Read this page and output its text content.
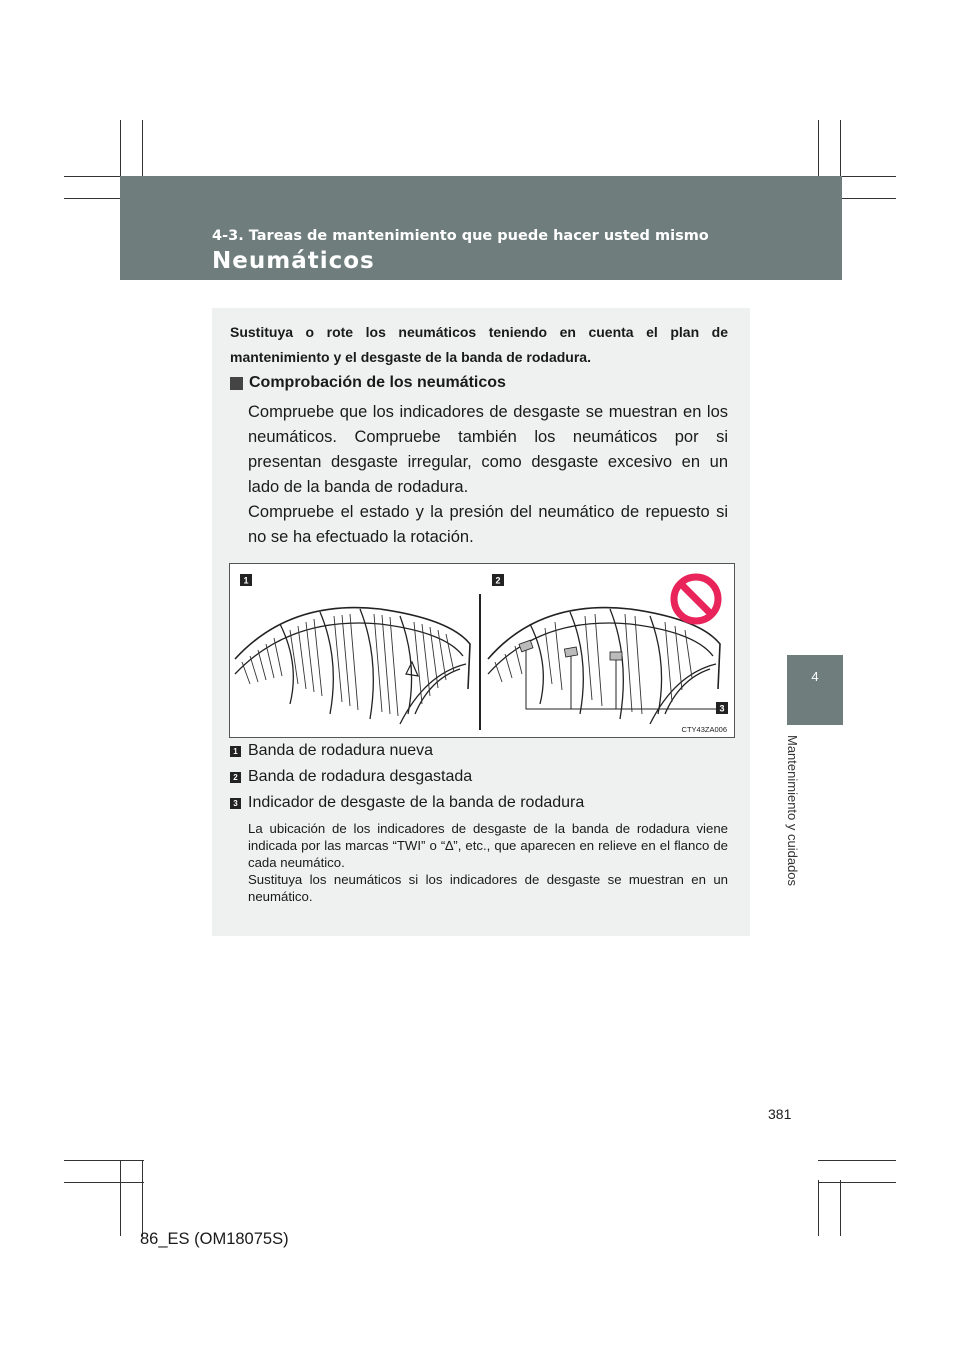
4-3. Tareas de mantenimiento que puede hacer usted mismo
Neumáticos
4
Mantenimiento y cuidados
Sustituya o rote los neumáticos teniendo en cuenta el plan de mantenimiento y el desgaste de la banda de rodadura.
Comprobación de los neumáticos
Compruebe que los indicadores de desgaste se muestran en los neumáticos. Compruebe también los neumáticos por si presentan desgaste irregular, como desgaste excesivo en un lado de la banda de rodadura.
Compruebe el estado y la presión del neumático de repuesto si no se ha efectuado la rotación.
1	2
3
CTY43ZA006
1 Banda de rodadura nueva
2 Banda de rodadura desgastada
3 Indicador de desgaste de la banda de rodadura

La ubicación de los indicadores de desgaste de la banda de rodadura viene indicada por las marcas “TWI” o “∆”, etc., que aparecen en relieve en el flanco de cada neumático.

Sustituya los neumáticos si los indicadores de desgaste se muestran en un neumático.

381
86_ES (OM18075S)
